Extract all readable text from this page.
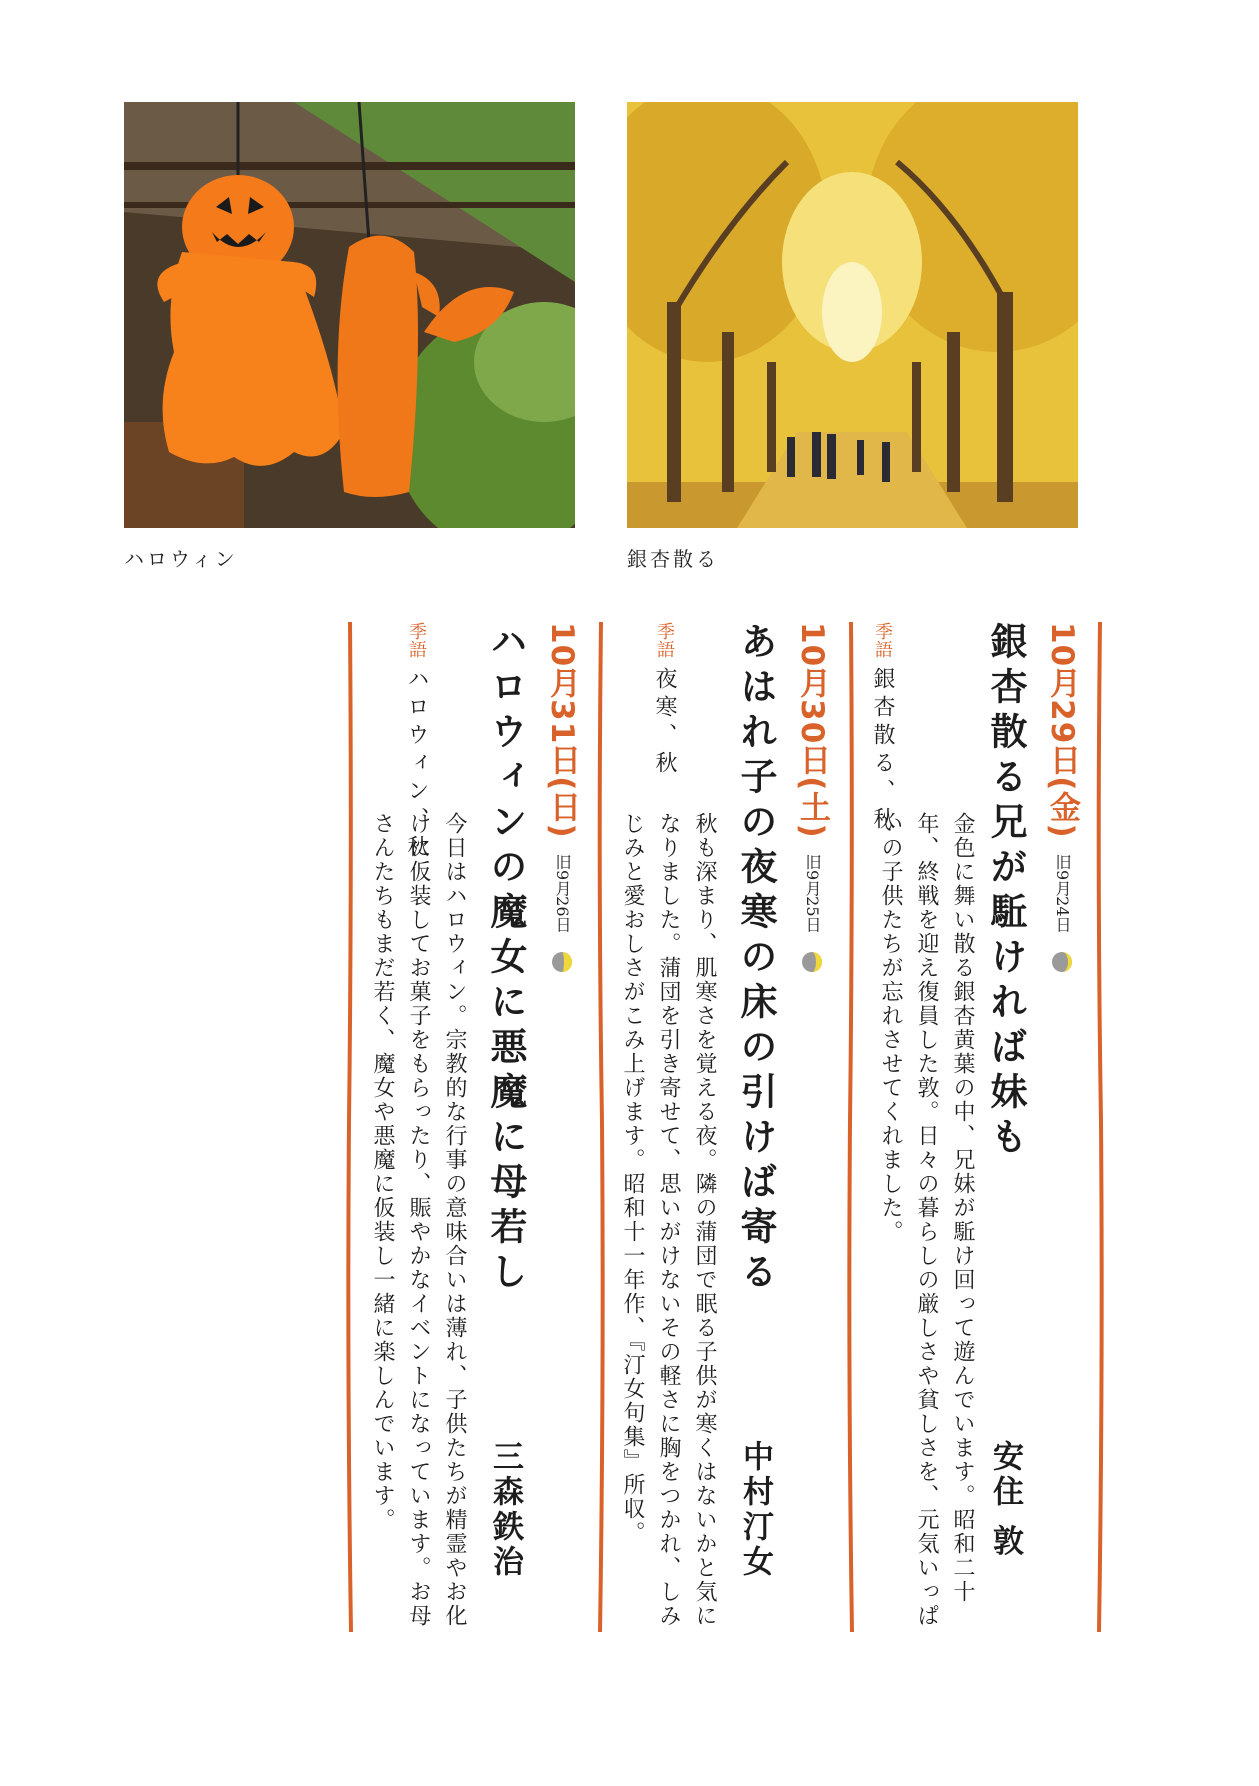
ハロウィン	銀杏散る
10月29日(金) 旧9月24日
銀杏散る兄が駈ければ妹も
安住 敦
金色に舞い散る銀杏黄葉の中、兄妹が駈け回って遊んでいます。昭和二十年、終戦を迎え復員した敦。日々の暮らしの厳しさや貧しさを、元気いっぱいの子供たちが忘れさせてくれました。
季語 銀杏散る、秋
10月30日(土) 旧9月25日
あはれ子の夜寒の床の引けば寄る
中村汀女
秋も深まり、肌寒さを覚える夜。隣の蒲団で眠る子供が寒くはないかと気になりました。蒲団を引き寄せて、思いがけないその軽さに胸をつかれ、しみじみと愛おしさがこみ上げます。昭和十一年作、『汀女句集』所収。
季語 夜寒、秋
10月31日(日) 旧9月26日
ハロウィンの魔女に悪魔に母若し
三森鉄治
今日はハロウィン。宗教的な行事の意味合いは薄れ、子供たちが精霊やお化けに仮装してお菓子をもらったり、賑やかなイベントになっています。お母さんたちもまだ若く、魔女や悪魔に仮装し一緒に楽しんでいます。
季語 ハロウィン、秋
